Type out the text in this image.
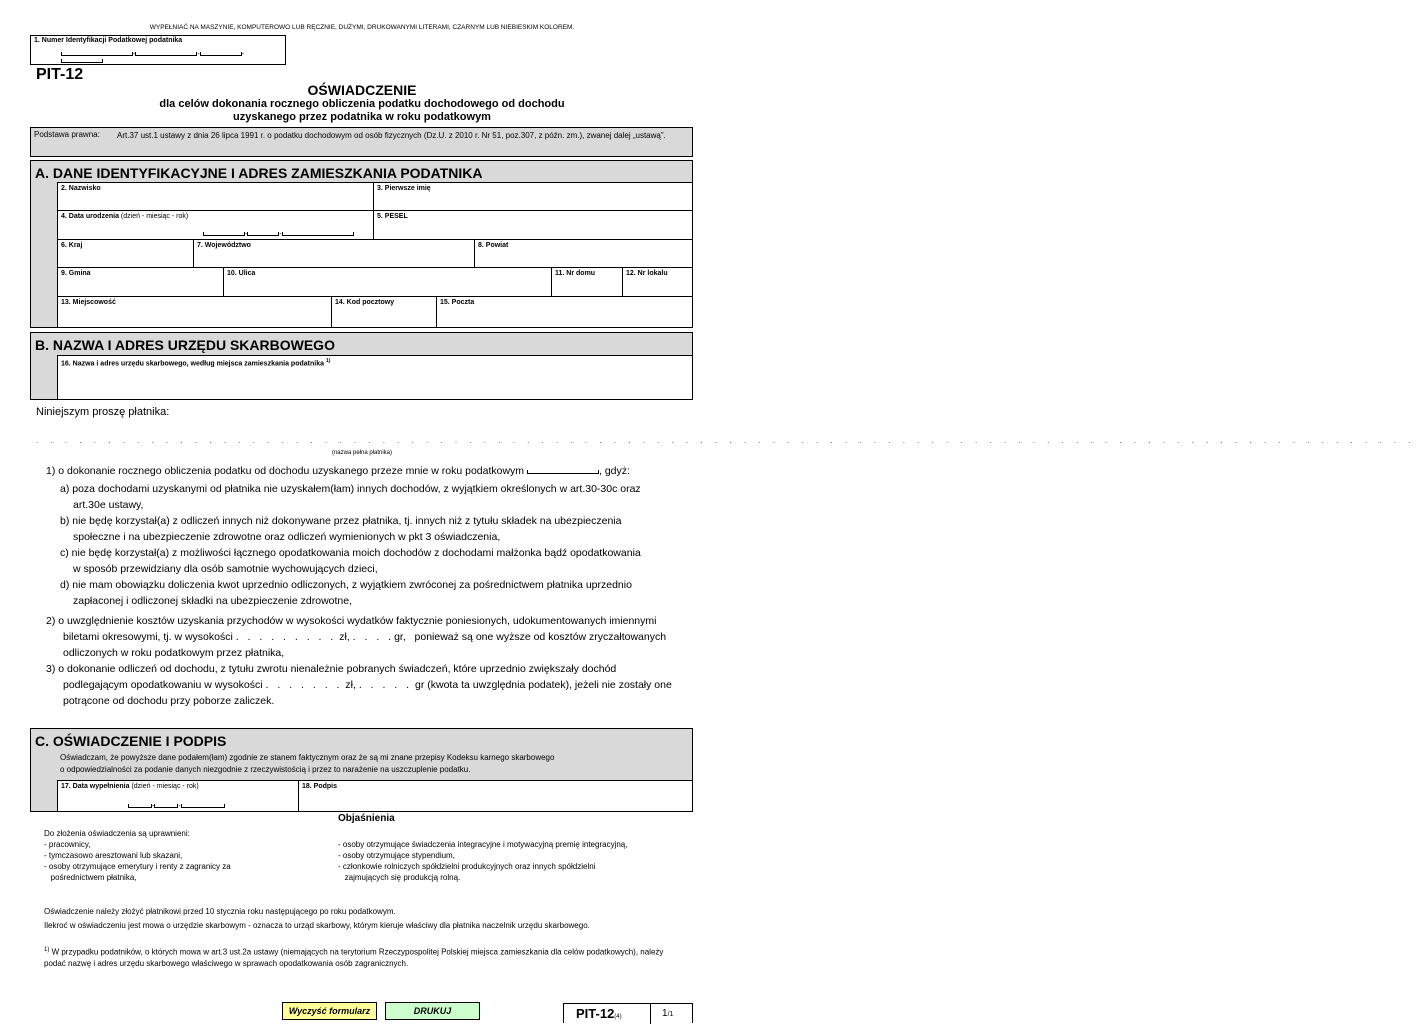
WYPEŁNIAĆ NA MASZYNIE, KOMPUTEROWO LUB RĘCZNIE, DUŻYMI, DRUKOWANYMI LITERAMI, CZARNYM LUB NIEBIESKIM KOLOREM.
1. Numer Identyfikacji Podatkowej podatnika
-	-	-
PIT-12
OŚWIADCZENIE
dla celów dokonania rocznego obliczenia podatku dochodowego od dochodu
uzyskanego przez podatnika w roku podatkowym
Podstawa prawna: Art.37 ust.1 ustawy z dnia 26 lipca 1991 r. o podatku dochodowym od osób fizycznych (Dz.U. z 2010 r. Nr 51, poz.307, z późn. zm.), zwanej dalej „ustawą”.
A. DANE IDENTYFIKACYJNE I ADRES ZAMIESZKANIA PODATNIKA
2. Nazwisko	3. Pierwsze imię
4. Data urodzenia (dzień - miesiąc - rok)
-	-
5. PESEL
6. Kraj	7. Województwo	8. Powiat
9. Gmina	10. Ulica	11. Nr domu	12. Nr lokalu
13. Miejscowość	14. Kod pocztowy	15. Poczta
B. NAZWA I ADRES URZĘDU SKARBOWEGO
16. Nazwa i adres urzędu skarbowego, według miejsca zamieszkania podatnika $^{1)}$
Niniejszym proszę płatnika:
. . . . . . . . . . . . . . . . . . . . . . . . . . . . . . . . . . . . . . . . . . . . . . . . . . . . . . . . . . . . . . . . . . . . . . . . . . . . . . . . . . . . . . . . . . . . . . . .
(nazwa pełna płatnika)
1) o dokonanie rocznego obliczenia podatku od dochodu uzyskanego przeze mnie w roku podatkowym	, gdyż:
a) poza dochodami uzyskanymi od płatnika nie uzyskałem(łam) innych dochodów, z wyjątkiem określonych w art.30-30c oraz
art.30e ustawy,
b) nie będę korzystał(a) z odliczeń innych niż dokonywane przez płatnika, tj. innych niż z tytułu składek na ubezpieczenia
społeczne i na ubezpieczenie zdrowotne oraz odliczeń wymienionych w pkt 3 oświadczenia,
c) nie będę korzystał(a) z możliwości łącznego opodatkowania moich dochodów z dochodami małżonka bądź opodatkowania
w sposób przewidziany dla osób samotnie wychowujących dzieci,
d) nie mam obowiązku doliczenia kwot uprzednio odliczonych, z wyjątkiem zwróconej za pośrednictwem płatnika uprzednio
zapłaconej i odliczonej składki na ubezpieczenie zdrowotne,
2) o uwzględnienie kosztów uzyskania przychodów w wysokości wydatków faktycznie poniesionych, udokumentowanych imiennymi
biletami okresowymi, tj. w wysokości . . . . . . . . . zł, . . . .gr, ponieważ są one wyższe od kosztów zryczałtowanych
odliczonych w roku podatkowym przez płatnika,
3) o dokonanie odliczeń od dochodu, z tytułu zwrotu nienależnie pobranych świadczeń, które uprzednio zwiększały dochód
podlegającym opodatkowaniu w wysokości . . . . . . . zł, . . . . . gr (kwota ta uwzględnia podatek), jeżeli nie zostały one
potrącone od dochodu przy poborze zaliczek.
C. OŚWIADCZENIE I PODPIS
Oświadczam, że powyższe dane podałem(łam) zgodnie ze stanem faktycznym oraz że są mi znane przepisy Kodeksu karnego skarbowego
o odpowiedzialności za podanie danych niezgodnie z rzeczywistością i przez to narażenie na uszczuplenie podatku.
17. Data wypełnienia (dzień - miesiąc - rok)
-	-
18. Podpis
Objaśnienia
Do złożenia oświadczenia są uprawnieni:
- pracownicy,
- tymczasowo aresztowani lub skazani,
- osoby otrzymujące emerytury i renty z zagranicy za
pośrednictwem płatnika,
- osoby otrzymujące świadczenia integracyjne i motywacyjną premię integracyjną,
- osoby otrzymujące stypendium,
- członkowie rolniczych spółdzielni produkcyjnych oraz innych spółdzielni
zajmujących się produkcją rolną.
Oświadczenie należy złożyć płatnikowi przed 10 stycznia roku następującego po roku podatkowym.
Ilekroć w oświadczeniu jest mowa o urzędzie skarbowym - oznacza to urząd skarbowy, którym kieruje właściwy dla płatnika naczelnik urzędu skarbowego.
$^{1)}$ W przypadku podatników, o których mowa w art.3 ust.2a ustawy (niemających na terytorium Rzeczypospolitej Polskiej miejsca zamieszkania dla celów podatkowych), należy podać nazwę i adres urzędu skarbowego właściwego w sprawach opodatkowania osób zagranicznych.
PIT-12(4)	1/1
Wyczyść formularz	DRUKUJ
